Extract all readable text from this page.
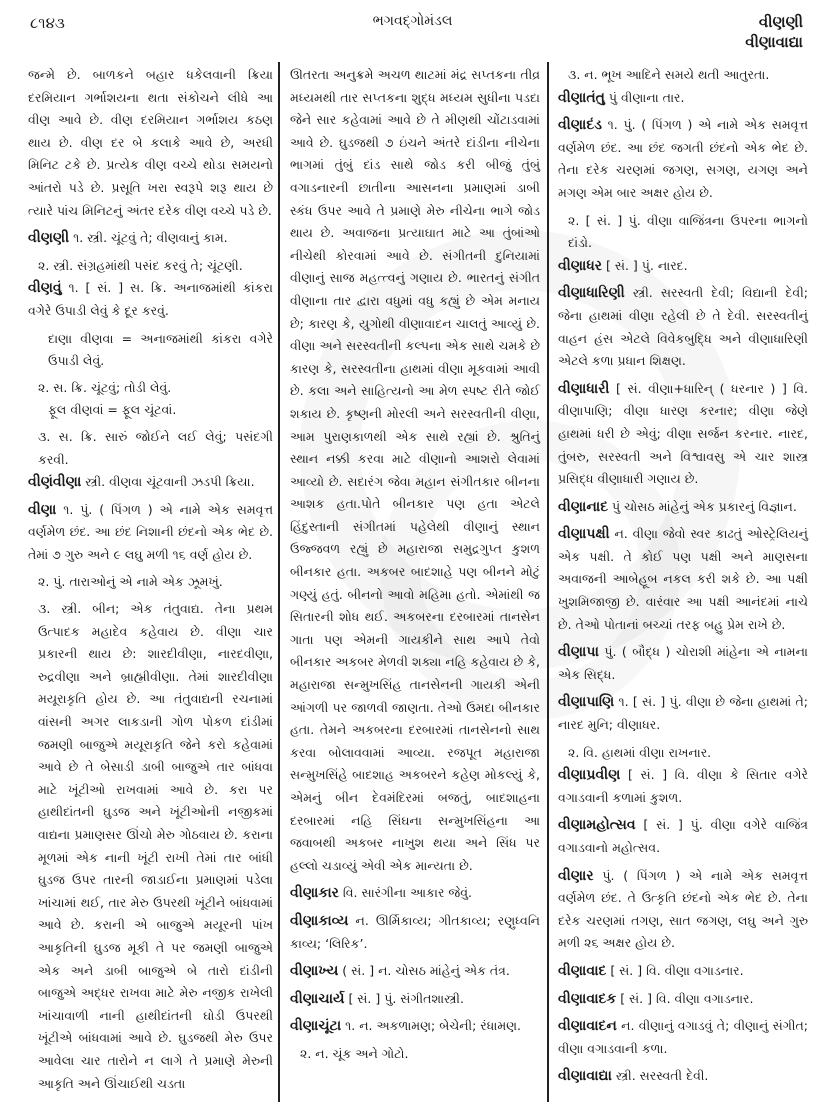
૮૧૪૩	ભગવદ્ગોમંડલ	વીણણી
વીણાવાદ્યા
જન્મે છે. બાળકને બહાર ધકેલવાની ક્રિયા દરમિયાન ગર્ભાશયના થતા સંકોચને લીધે આ વીણ આવે છે. વીણ દરમિયાન ગર્ભાશય કઠણ થાય છે. વીણ દર બે કલાકે આવે છે, અરધી મિનિટ ટકે છે. પ્રત્યેક વીણ વચ્ચે થોડા સમયનો આંતરો પડે છે. પ્રસૂતિ ખરા સ્વરૂપે શરૂ થાય છે ત્યારે પાંચ મિનિટનું અંતર દરેક વીણ વચ્ચે પડે છે.
વીણણી ૧. સ્ત્રી. ચૂંટવું તે; વીણવાનું કામ.
૨. સ્ત્રી. સંગ્રહમાંથી પસંદ કરવું તે; ચૂંટણી.
વીણવું ૧. [ સં. ] સ. ક્રિ. અનાજમાંથી કાંકરા વગેરે ઉપાડી લેવું કે દૂર કરવું.
દાણા વીણવા = અનાજમાંથી કાંકરા વગેરે ઉપાડી લેવું.
૨. સ. ક્રિ. ચૂંટવું; તોડી લેવું.
ફૂલ વીણવાં = ફૂલ ચૂંટવાં.
૩. સ. ક્રિ. સારું જોઈને લઈ લેવું; પસંદગી કરવી.
વીણંવીણા સ્ત્રી. વીણવા ચૂંટવાની ઝડપી ક્રિયા.
વીણા ૧. પું. ( પિંગળ ) એ નામે એક સમવૃત્ત વર્ણમેળ છંદ. આ છંદ નિશાની છંદનો એક ભેદ છે. તેમાં ૭ ગુરુ અને ૯ લઘુ મળી ૧૬ વર્ણ હોય છે.
૨. પું. તારાઓનું એ નામે એક ઝૂમખું.
૩. સ્ત્રી. બીન; એક તંતુવાદ્ય. તેના પ્રથમ ઉત્પાદક મહાદેવ કહેવાય છે. વીણા ચાર પ્રકારની થાય છે: શારદીવીણા, નારદવીણા, રુદ્રવીણા અને બ્રાહ્મીવીણા. તેમાં શારદીવીણા મયૂરાકૃતિ હોય છે. આ તંતુવાદ્યની રચનામાં વાંસની અગર લાકડાની ગોળ પોકળ દાંડીમાં જમણી બાજુએ મયૂરાકૃતિ જેને કરો કહેવામાં આવે છે તે બેસાડી ડાબી બાજુએ તાર બાંધવા માટે ખૂંટીઓ રાખવામાં આવે છે. કરા પર હાથીદાંતની ઘુડજ અને ખૂંટીઓની નજીકમાં વાદ્યના પ્રમાણસર ઊંચો મેરુ ગોઠવાય છે. કરાના મૂળમાં એક નાની ખૂંટી રાખી તેમાં તાર બાંધી ઘુડજ ઉપર તારની જાડાઈના પ્રમાણમાં પડેલા ખાંચામાં થઈ, તાર મેરુ ઉપરથી ખૂંટીને બાંધવામાં આવે છે. કરાની એ બાજુએ મયૂરની પાંખ આકૃતિની ઘુડજ મૂકી તે પર જમણી બાજુએ એક અને ડાબી બાજુએ બે તારો દાંડીની બાજુએ અદ્ધર રાખવા માટે મેરુ નજીક રાખેલી ખાંચાવાળી નાની હાથીદાંતની ઘોડી ઉપરથી ખૂંટીએ બાંધવામાં આવે છે. ઘુડજથી મેરુ ઉપર આવેલા ચાર તારોને ન લાગે તે પ્રમાણે મેરુની આકૃતિ અને ઊંચાઈથી ચડતા
ઊતરતા અનુક્રમે અચળ થાટમાં મંદ્ર સપ્તકના તીવ્ર મધ્યમથી તાર સપ્તકના શુદ્ધ મધ્યમ સુધીના પડદા જેને સાર કહેવામાં આવે છે તે મીણથી ચોંટાડવામાં આવે છે. ઘુડજથી ૭ ઇંચને અંતરે દાંડીના નીચેના ભાગમાં તુંબું દાંડ સાથે જોડ કરી બીજું તુંબું વગાડનારની છાતીના આસનના પ્રમાણમાં ડાબી સ્કંધ ઉપર આવે તે પ્રમાણે મેરુ નીચેના ભાગે જોડ થાય છે. અવાજના પ્રત્યાઘાત માટે આ તુંબાંઓ નીચેથી કોરવામાં આવે છે. સંગીતની દુનિયામાં વીણાનું સાજ મહત્ત્વનું ગણાય છે. ભારતનું સંગીત વીણાના તાર દ્વારા વધુમાં વધુ કહ્યું છે એમ મનાય છે; કારણ કે, યુગોથી વીણાવાદન ચાલતું આવ્યું છે. વીણા અને સરસ્વતીની કલ્પના એક સાથે ચમકે છે કારણ કે, સરસ્વતીના હાથમાં વીણા મૂકવામાં આવી છે. કલા અને સાહિત્યનો આ મેળ સ્પષ્ટ રીતે જોઈ શકાય છે. કૃષ્ણની મોરલી અને સરસ્વતીની વીણા, આમ પુરાણકાળથી એક સાથે રહ્યાં છે. શ્રુતિનું સ્થાન નક્કી કરવા માટે વીણાનો આશરો લેવામાં આવ્યો છે. સદારંગ જેવા મહાન સંગીતકાર બીનના આશક હતા.પોતે બીનકાર પણ હતા એટલે હિંદુસ્તાની સંગીતમાં પહેલેથી વીણાનું સ્થાન ઉજ્જવળ રહ્યું છે મહારાજા સમુદ્રગુપ્ત કુશળ બીનકાર હતા. અકબર બાદશાહે પણ બીનને મોટું ગણ્યું હતું. બીનનો આવો મહિમા હતો. એમાંથી જ સિતારની શોધ થઈ. અકબરના દરબારમાં તાનસેન ગાતા પણ એમની ગાયકીને સાથ આપે તેવો બીનકાર અકબર મેળવી શક્યા નહિ કહેવાય છે કે, મહારાજા સન્મુખસિંહ તાનસેનની ગાયકી એની આંગળી પર જાળવી જાણતા. તેઓ ઉમદા બીનકાર હતા. તેમને અકબરના દરબારમાં તાનસેનનો સાથ કરવા બોલાવવામાં આવ્યા. રજપૂત મહારાજા સન્મુખસિંહે બાદશાહ અકબરને કહેણ મોકલ્યું કે, એમનું બીન દેવમંદિરમાં બજતું, બાદશાહના દરબારમાં નહિ સિંઘના સન્મુખસિંહના આ જવાબથી અકબર નાખુશ થયા અને સિંધ પર હલ્લો ચડાવ્યું એવી એક માન્યતા છે.
વીણાકાર વિ. સારંગીના આકાર જેવું.
વીણાકાવ્ય ન. ઊર્મિકાવ્ય; ગીતકાવ્ય; રણુધ્વનિ કાવ્ય; ‘લિરિક’.
વીણાખ્ય ( સં. ] ન. ચોસઠ માંહેનું એક તંત્ર.
વીણાચાર્ય [ સં. ] પું. સંગીતશાસ્ત્રી.
વીણાચૂંટા ૧. ન. અકળામણ; બેચેની; રંધામણ.
૨. ન. ચૂંક અને ગોટો.
૩. ન. ભૂખ આદિને સમયે થતી આતુરતા.
વીણાતંતુ પું વીણાના તાર.
વીણાદંડ ૧. પું. ( પિંગળ ) એ નામે એક સમવૃત્ત વર્ણમેળ છંદ. આ છંદ જગતી છંદનો એક ભેદ છે. તેના દરેક ચરણમાં જગણ, સગણ, યગણ અને મગણ એમ બાર અક્ષર હોય છે.
૨. [ સં. ] પું. વીણા વાજિંત્રના ઉપરના ભાગનો દાંડો.
વીણાધર [ સં. ] પું. નારદ.
વીણાધારિણી સ્ત્રી. સરસ્વતી દેવી; વિદ્યાની દેવી; જેના હાથમાં વીણા રહેલી છે તે દેવી. સરસ્વતીનું વાહન હંસ એટલે વિવેકબુદ્ધિ અને વીણાધારિણી એટલે કળા પ્રધાન શિક્ષણ.
વીણાધારી [ સં. વીણા+ધારિન્ ( ધરનાર ) ] વિ. વીણાપાણિ; વીણા ધારણ કરનાર; વીણા જેણે હાથમાં ધરી છે એવું; વીણા સર્જન કરનાર. નારદ, તુંબરુ, સરસ્વતી અને વિશ્વાવસુ એ ચાર શાસ્ત્ર પ્રસિદ્ધ વીણાધારી ગણાય છે.
વીણાનાદ પું ચોસઠ માંહેનું એક પ્રકારનું વિજ્ઞાન.
વીણાપક્ષી ન. વીણા જેવો સ્વર કાઢતું ઓસ્ટ્રેલિયનું એક પક્ષી. તે કોઈ પણ પક્ષી અને માણસના અવાજની આબેહૂબ નકલ કરી શકે છે. આ પક્ષી ખુશમિજાજી છે. વારંવાર આ પક્ષી આનંદમાં નાચે છે. તેઓ પોતાનાં બચ્ચાં તરફ બહુ પ્રેમ રાખે છે.
વીણાપા પું. ( બૌદ્ધ ) ચોરાશી માંહેના એ નામના એક સિદ્ધ.
વીણાપાણિ ૧. [ સં. ] પું. વીણા છે જેના હાથમાં તે; નારદ મુનિ; વીણાધર.
૨. વિ. હાથમાં વીણા રાખનાર.
વીણાપ્રવીણ [ સં. ] વિ. વીણા કે સિતાર વગેરે વગાડવાની કળામાં કુશળ.
વીણામહોત્સવ [ સં. ] પું. વીણા વગેરે વાજિંત્ર વગાડવાનો મહોત્સવ.
વીણાર પું. ( પિંગળ ) એ નામે એક સમવૃત્ત વર્ણમેળ છંદ. તે ઉત્કૃતિ છંદનો એક ભેદ છે. તેના દરેક ચરણમાં તગણ, સાત જગણ, લઘુ અને ગુરુ મળી ૨૬ અક્ષર હોય છે.
વીણાવાદ [ સં. ] વિ. વીણા વગાડનાર.
વીણાવાદક [ સં. ] વિ. વીણા વગાડનાર.
વીણાવાદન ન. વીણાનું વગાડવું તે; વીણાનું સંગીત; વીણા વગાડવાની કળા.
વીણાવાદ્યા સ્ત્રી. સરસ્વતી દેવી.
